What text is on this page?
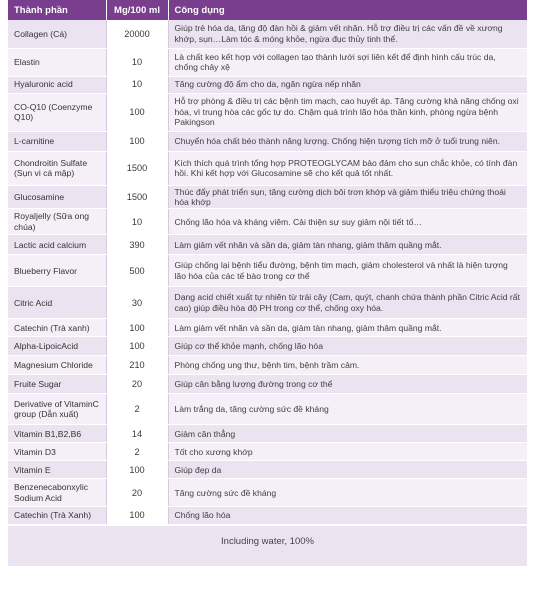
Thành phần	Mg/100 ml	Công dụng
Collagen (Cá)	20000	Giúp trẻ hóa da, tăng độ đàn hồi & giảm vết nhăn. Hỗ trợ điều trị các vấn đề về xương khớp, sụn…Làm tóc & móng khỏe, ngừa đục thủy tinh thể.
Elastin	10	Là chất keo kết hợp với collagen tạo thành lưới sợi liên kết để định hình cấu trúc da, chống chảy xệ
Hyaluronic acid	10	Tăng cường độ ẩm cho da, ngăn ngừa nếp nhăn
CO-Q10 (Coenzyme Q10)	100	Hỗ trợ phòng & điều trị các bệnh tim mạch, cao huyết áp. Tăng cường khả năng chống oxi hóa, vì trung hòa các gốc tự do. Chậm quá trình lão hóa thần kinh, phòng ngừa bệnh Pakingson
L-carnitine	100	Chuyển hóa chất béo thành năng lượng. Chống hiện tượng tích mỡ ở tuổi trung niên.
Chondroitin Sulfate (Sụn vi cá mập)	1500	Kích thích quá trình tổng hợp PROTEOGLYCAM bảo đảm cho sụn chắc khỏe, có tính đàn hồi. Khi kết hợp với Glucosamine sẽ cho kết quả tốt nhất.
Glucosamine	1500	Thúc đẩy phát triển sụn, tăng cường dịch bôi trơn khớp và giảm thiểu triệu chứng thoái hóa khớp
Royaljelly (Sữa ong chúa)	10	Chống lão hóa và kháng viêm. Cải thiện sự suy giảm nội tiết tố…
Lactic acid calcium	390	Làm giảm vết nhăn và sần da, giảm tàn nhang, giảm thâm quầng mắt.
Blueberry Flavor	500	Giúp chống lại bệnh tiểu đường, bệnh tim mạch, giảm cholesterol và nhất là hiện tượng lão hóa của các tế bào trong cơ thể
Citric Acid	30	Dạng acid chiết xuất tự nhiên từ trái cây (Cam, quýt, chanh chứa thành phần Citric Acid rất cao) giúp điều hòa độ PH trong cơ thể, chống oxy hóa.
Catechin (Trà xanh)	100	Làm giảm vết nhăn và sần da, giảm tàn nhang, giảm thâm quầng mắt.
Alpha-LipoicAcid	100	Giúp cơ thể khỏe mạnh, chống lão hóa
Magnesium Chloride	210	Phòng chống ung thư, bệnh tim, bệnh trầm cảm.
Fruite Sugar	20	Giúp cân bằng lượng đường trong cơ thể
Derivative of VitaminC group (Dẫn xuất)	2	Làm trắng da, tăng cường sức đề kháng
Vitamin B1,B2,B6	14	Giảm căn thẳng
Vitamin D3	2	Tốt cho xương khớp
Vitamin E	100	Giúp đẹp da
Benzenecabonxylic Sodium Acid	20	Tăng cường sức đề kháng
Catechin (Trà Xanh)	100	Chống lão hóa
Including water, 100%		
